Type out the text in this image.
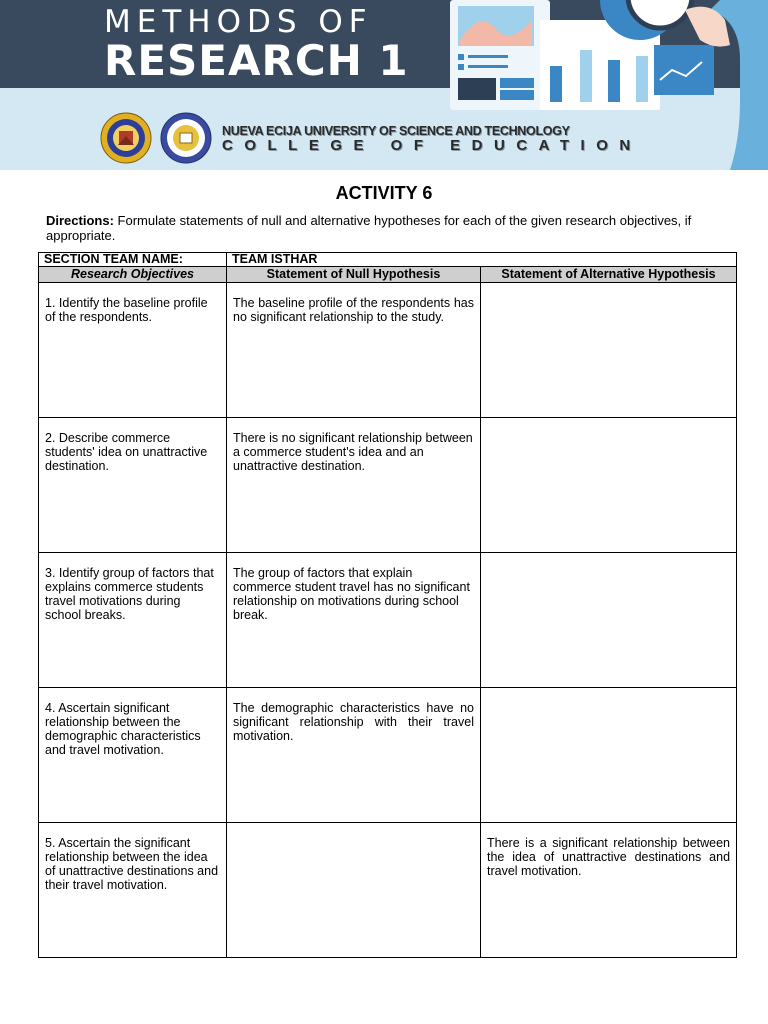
METHODS OF
RESEARCH 1
NUEVA ECIJA UNIVERSITY OF SCIENCE AND TECHNOLOGY
COLLEGE OF EDUCATION
ACTIVITY 6
Directions: Formulate statements of null and alternative hypotheses for each of the given research objectives, if appropriate.
SECTION TEAM NAME:	TEAM ISTHAR	
Research Objectives	Statement of Null Hypothesis	Statement of Alternative Hypothesis

1. Identify the baseline profile of the respondents.	The baseline profile of the respondents has no significant relationship to the study.	

2. Describe commerce students' idea on unattractive destination.	There is no significant relationship between a commerce student's idea and an unattractive destination.	

3. Identify group of factors that explains commerce students travel motivations during school breaks.	The group of factors that explain commerce student travel has no significant relationship on motivations during school break.	

4. Ascertain significant relationship between the demographic characteristics and travel motivation.	The demographic characteristics have no significant relationship with their travel motivation.	

5. Ascertain the significant relationship between the idea of unattractive destinations and their travel motivation.		There is a significant relationship between the idea of unattractive destinations and travel motivation.
